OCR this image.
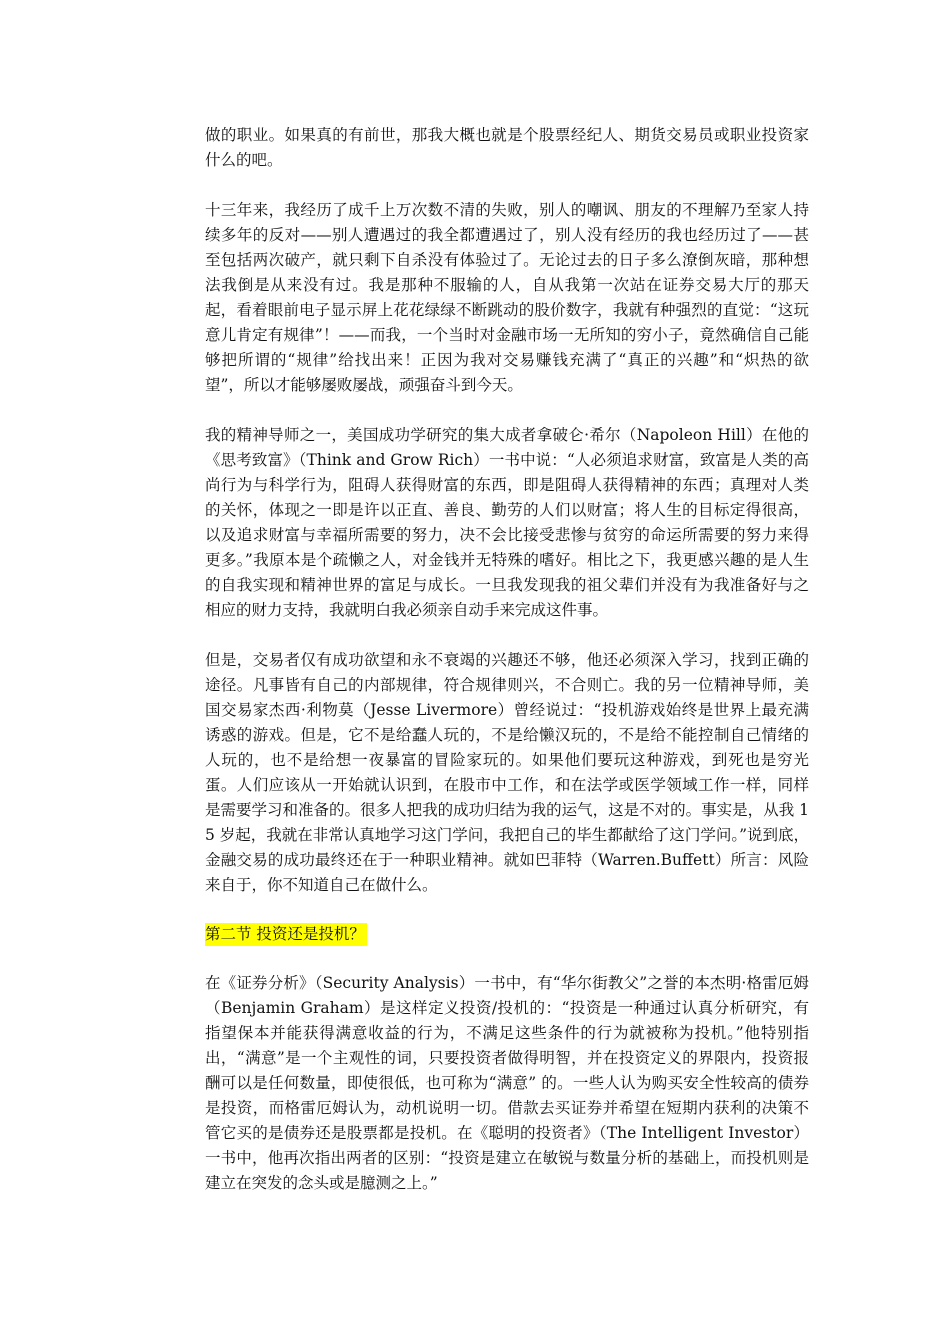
做的职业。如果真的有前世，那我大概也就是个股票经纪人、期货交易员或职业投资家什么的吧。

十三年来，我经历了成千上万次数不清的失败，别人的嘲讽、朋友的不理解乃至家人持续多年的反对——别人遭遇过的我全都遭遇过了，别人没有经历的我也经历过了——甚至包括两次破产，就只剩下自杀没有体验过了。无论过去的日子多么潦倒灰暗，那种想法我倒是从来没有过。我是那种不服输的人，自从我第一次站在证券交易大厅的那天起，看着眼前电子显示屏上花花绿绿不断跳动的股价数字，我就有种强烈的直觉：“这玩意儿肯定有规律”！——而我，一个当时对金融市场一无所知的穷小子，竟然确信自己能够把所谓的“规律”给找出来！正因为我对交易赚钱充满了“真正的兴趣”和“炽热的欲望”，所以才能够屡败屡战，顽强奋斗到今天。

我的精神导师之一，美国成功学研究的集大成者拿破仑·希尔（Napoleon Hill）在他的《思考致富》（Think and Grow Rich）一书中说：“人必须追求财富，致富是人类的高尚行为与科学行为，阻碍人获得财富的东西，即是阻碍人获得精神的东西；真理对人类的关怀，体现之一即是许以正直、善良、勤劳的人们以财富；将人生的目标定得很高，以及追求财富与幸福所需要的努力，决不会比接受悲惨与贫穷的命运所需要的努力来得更多。”我原本是个疏懒之人，对金钱并无特殊的嗜好。相比之下，我更感兴趣的是人生的自我实现和精神世界的富足与成长。一旦我发现我的祖父辈们并没有为我准备好与之相应的财力支持，我就明白我必须亲自动手来完成这件事。

但是，交易者仅有成功欲望和永不衰竭的兴趣还不够，他还必须深入学习，找到正确的途径。凡事皆有自己的内部规律，符合规律则兴，不合则亡。我的另一位精神导师，美国交易家杰西·利物莫（Jesse Livermore）曾经说过：“投机游戏始终是世界上最充满诱惑的游戏。但是，它不是给蠢人玩的，不是给懒汉玩的，不是给不能控制自己情绪的人玩的，也不是给想一夜暴富的冒险家玩的。如果他们要玩这种游戏，到死也是穷光蛋。人们应该从一开始就认识到，在股市中工作，和在法学或医学领域工作一样，同样是需要学习和准备的。很多人把我的成功归结为我的运气，这是不对的。事实是，从我 15 岁起，我就在非常认真地学习这门学问，我把自己的毕生都献给了这门学问。”说到底，金融交易的成功最终还在于一种职业精神。就如巴菲特（Warren.Buffett）所言：风险来自于，你不知道自己在做什么。

第二节 投资还是投机？

在《证券分析》（Security Analysis）一书中，有“华尔街教父”之誉的本杰明·格雷厄姆（Benjamin Graham）是这样定义投资/投机的：“投资是一种通过认真分析研究，有指望保本并能获得满意收益的行为，不满足这些条件的行为就被称为投机。”他特别指出，“满意”是一个主观性的词，只要投资者做得明智，并在投资定义的界限内，投资报酬可以是任何数量，即使很低，也可称为“满意” 的。一些人认为购买安全性较高的债券是投资，而格雷厄姆认为，动机说明一切。借款去买证券并希望在短期内获利的决策不管它买的是债券还是股票都是投机。在《聪明的投资者》（The Intelligent Investor）一书中，他再次指出两者的区别：“投资是建立在敏锐与数量分析的基础上，而投机则是建立在突发的念头或是臆测之上。”
